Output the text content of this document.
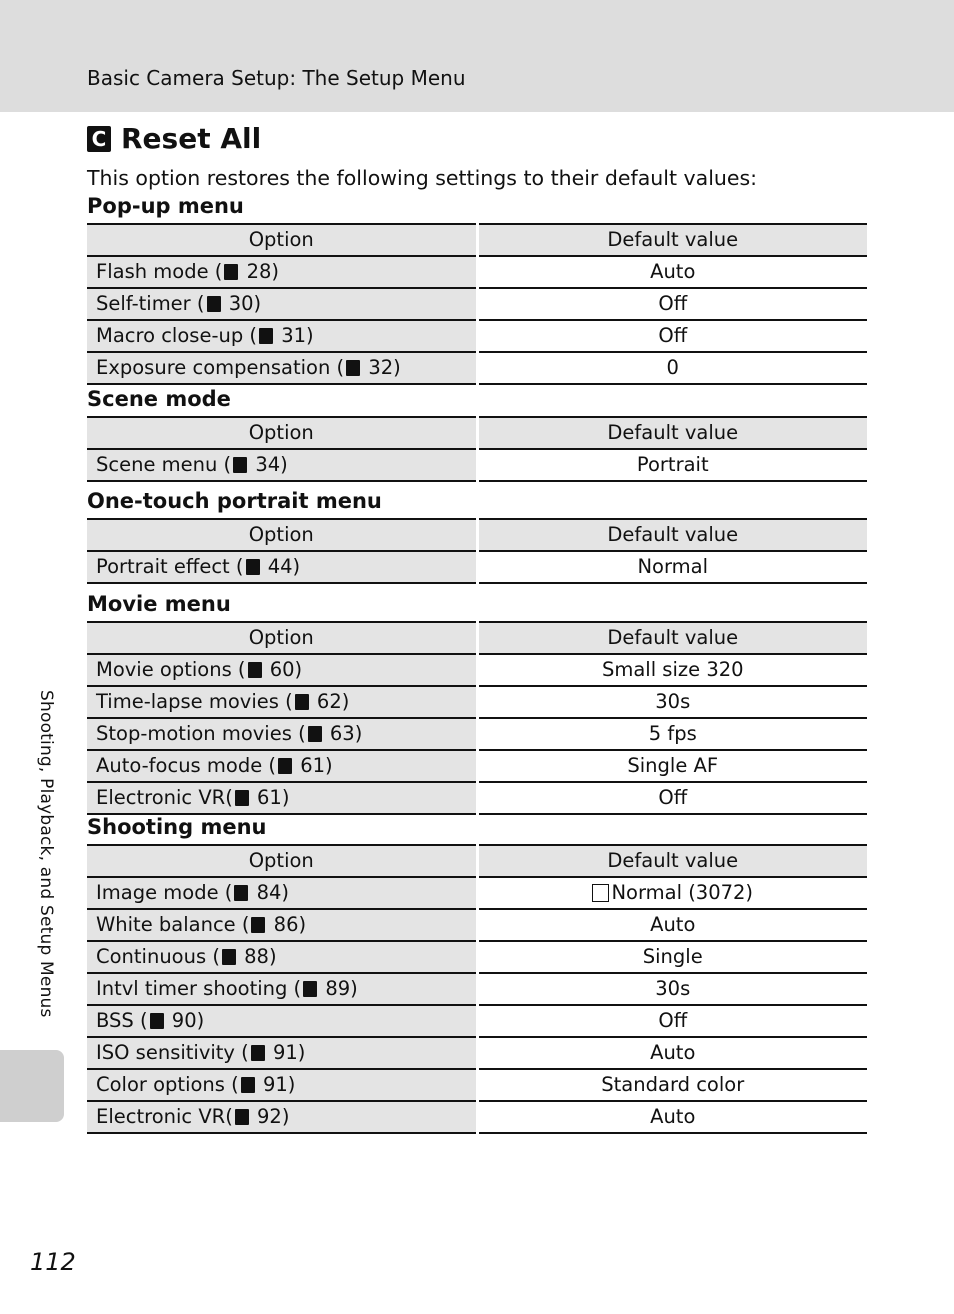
Basic Camera Setup: The Setup Menu
C Reset All
This option restores the following settings to their default values:
Pop-up menu
Option	Default value
Flash mode ( 28)	Auto
Self-timer ( 30)	Off
Macro close-up ( 31)	Off
Exposure compensation ( 32)	0
Scene mode
Option	Default value
Scene menu ( 34)	Portrait
One-touch portrait menu
Option	Default value
Portrait effect ( 44)	Normal
Movie menu
Option	Default value
Movie options ( 60)	Small size 320
Time-lapse movies ( 62)	30s
Stop-motion movies ( 63)	5 fps
Auto-focus mode ( 61)	Single AF
Electronic VR( 61)	Off
Shooting menu
Option	Default value
Image mode ( 84)	Normal (3072)
White balance ( 86)	Auto
Continuous ( 88)	Single
Intvl timer shooting ( 89)	30s
BSS ( 90)	Off
ISO sensitivity ( 91)	Auto
Color options ( 91)	Standard color
Electronic VR( 92)	Auto
Shooting, Playback, and Setup Menus
112
